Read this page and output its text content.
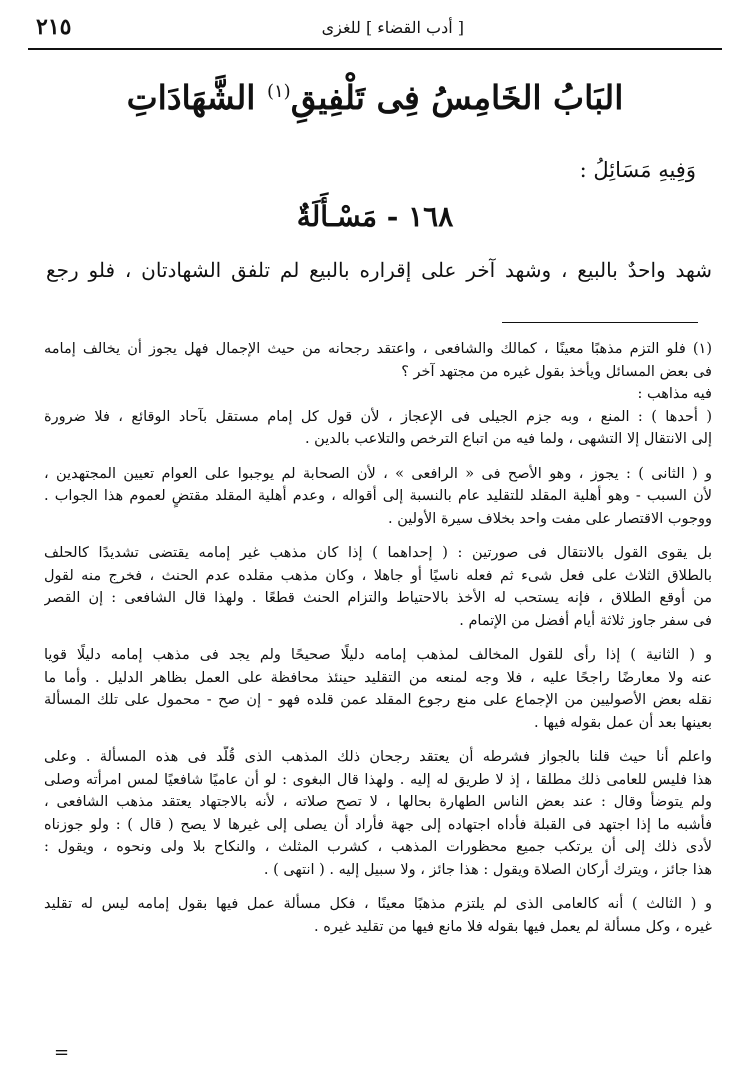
٢١٥	[ أدب القضاء ] للغزى
البَابُ الخَامِسُ فِى تَلْفِيقِ$^{(١)}$ الشَّهَادَاتِ
وَفِيهِ مَسَائِلُ :
١٦٨ - مَسْـأَلَةٌ
شهد واحدٌ بالبيع ، وشهد آخر على إقراره بالبيع لم تلفق الشهادتان ، فلو رجع
(١) فلو التزم مذهبًا معينًا ، كمالك والشافعى ، واعتقد رجحانه من حيث الإجمال فهل يجوز أن يخالف إمامه
فى بعض المسائل ويأخذ بقول غيره من مجتهد آخر ؟
فيه مذاهب :
( أحدها ) : المنع ، وبه جزم الجيلى فى الإعجاز ، لأن قول كل إمام مستقل بآحاد الوقائع ، فلا ضرورة
إلى الانتقال إلا التشهى ، ولما فيه من اتباع الترخص والتلاعب بالدين .
و ( الثانى ) : يجوز ، وهو الأصح فى « الرافعى » ، لأن الصحابة لم يوجبوا على العوام تعيين المجتهدين ،
لأن السبب - وهو أهلية المقلد للتقليد عام بالنسبة إلى أقواله ، وعدم أهلية المقلد مقتضٍ لعموم هذا الجواب .
ووجوب الاقتصار على مفت واحد بخلاف سيرة الأولين .
بل يقوى القول بالانتقال فى صورتين : ( إحداهما ) إذا كان مذهب غير إمامه يقتضى تشديدًا كالحلف
بالطلاق الثلاث على فعل شىء ثم فعله ناسيًا أو جاهلا ، وكان مذهب مقلده عدم الحنث ، فخرج منه لقول
من أوقع الطلاق ، فإنه يستحب له الأخذ بالاحتياط والتزام الحنث قطعًا . ولهذا قال الشافعى : إن القصر
فى سفر جاوز ثلاثة أيام أفضل من الإتمام .
و ( الثانية ) إذا رأى للقول المخالف لمذهب إمامه دليلًا صحيحًا ولم يجد فى مذهب إمامه دليلًا قويا
عنه ولا معارضًا راجحًا عليه ، فلا وجه لمنعه من التقليد حينئذ محافظة على العمل بظاهر الدليل . وأما ما
نقله بعض الأصوليين من الإجماع على منع رجوع المقلد عمن قلده فهو - إن صح - محمول على تلك المسألة
بعينها بعد أن عمل بقوله فيها .
واعلم أنا حيث قلنا بالجواز فشرطه أن يعتقد رجحان ذلك المذهب الذى قُلّد فى هذه المسألة . وعلى
هذا فليس للعامى ذلك مطلقا ، إذ لا طريق له إليه . ولهذا قال البغوى : لو أن عاميًا شافعيًا لمس امرأته وصلى
ولم يتوضأ وقال : عند بعض الناس الطهارة بحالها ، لا تصح صلاته ، لأنه بالاجتهاد يعتقد مذهب الشافعى ،
فأشبه ما إذا اجتهد فى القبلة فأداه اجتهاده إلى جهة فأراد أن يصلى إلى غيرها لا يصح ( قال ) : ولو جوزناه
لأدى ذلك إلى أن يرتكب جميع محظورات المذهب ، كشرب المثلث ، والنكاح بلا ولى ونحوه ، ويقول :
هذا جائز ، ويترك أركان الصلاة ويقول : هذا جائز ، ولا سبيل إليه . ( انتهى ) .
و ( الثالث ) أنه كالعامى الذى لم يلتزم مذهبًا معينًا ، فكل مسألة عمل فيها بقول إمامه ليس له تقليد
غيره ، وكل مسألة لم يعمل فيها بقوله فلا مانع فيها من تقليد غيره .
=
